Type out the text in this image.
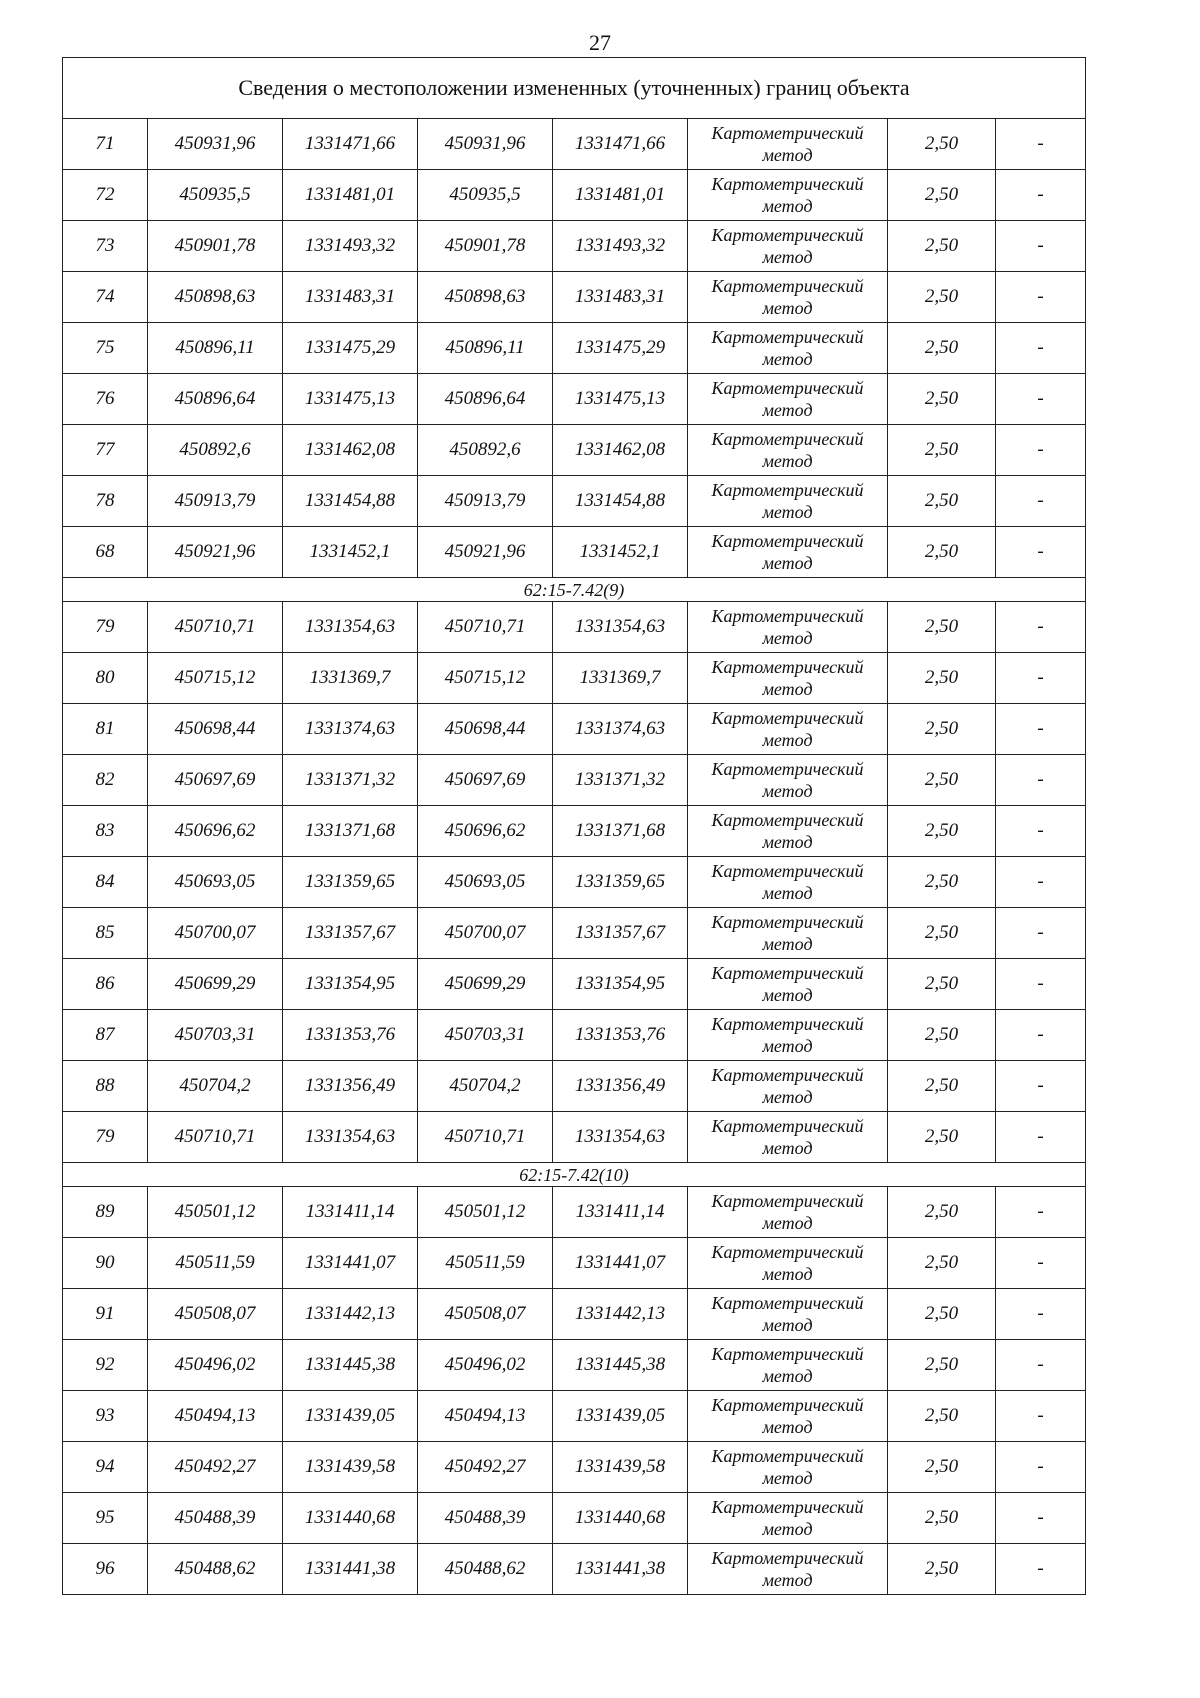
27
Сведения о местоположении измененных (уточненных) границ объекта							
71	450931,96	1331471,66	450931,96	1331471,66	Картометрический метод	2,50	-
72	450935,5	1331481,01	450935,5	1331481,01	Картометрический метод	2,50	-
73	450901,78	1331493,32	450901,78	1331493,32	Картометрический метод	2,50	-
74	450898,63	1331483,31	450898,63	1331483,31	Картометрический метод	2,50	-
75	450896,11	1331475,29	450896,11	1331475,29	Картометрический метод	2,50	-
76	450896,64	1331475,13	450896,64	1331475,13	Картометрический метод	2,50	-
77	450892,6	1331462,08	450892,6	1331462,08	Картометрический метод	2,50	-
78	450913,79	1331454,88	450913,79	1331454,88	Картометрический метод	2,50	-
68	450921,96	1331452,1	450921,96	1331452,1	Картометрический метод	2,50	-
62:15-7.42(9)							
79	450710,71	1331354,63	450710,71	1331354,63	Картометрический метод	2,50	-
80	450715,12	1331369,7	450715,12	1331369,7	Картометрический метод	2,50	-
81	450698,44	1331374,63	450698,44	1331374,63	Картометрический метод	2,50	-
82	450697,69	1331371,32	450697,69	1331371,32	Картометрический метод	2,50	-
83	450696,62	1331371,68	450696,62	1331371,68	Картометрический метод	2,50	-
84	450693,05	1331359,65	450693,05	1331359,65	Картометрический метод	2,50	-
85	450700,07	1331357,67	450700,07	1331357,67	Картометрический метод	2,50	-
86	450699,29	1331354,95	450699,29	1331354,95	Картометрический метод	2,50	-
87	450703,31	1331353,76	450703,31	1331353,76	Картометрический метод	2,50	-
88	450704,2	1331356,49	450704,2	1331356,49	Картометрический метод	2,50	-
79	450710,71	1331354,63	450710,71	1331354,63	Картометрический метод	2,50	-
62:15-7.42(10)							
89	450501,12	1331411,14	450501,12	1331411,14	Картометрический метод	2,50	-
90	450511,59	1331441,07	450511,59	1331441,07	Картометрический метод	2,50	-
91	450508,07	1331442,13	450508,07	1331442,13	Картометрический метод	2,50	-
92	450496,02	1331445,38	450496,02	1331445,38	Картометрический метод	2,50	-
93	450494,13	1331439,05	450494,13	1331439,05	Картометрический метод	2,50	-
94	450492,27	1331439,58	450492,27	1331439,58	Картометрический метод	2,50	-
95	450488,39	1331440,68	450488,39	1331440,68	Картометрический метод	2,50	-
96	450488,62	1331441,38	450488,62	1331441,38	Картометрический метод	2,50	-
